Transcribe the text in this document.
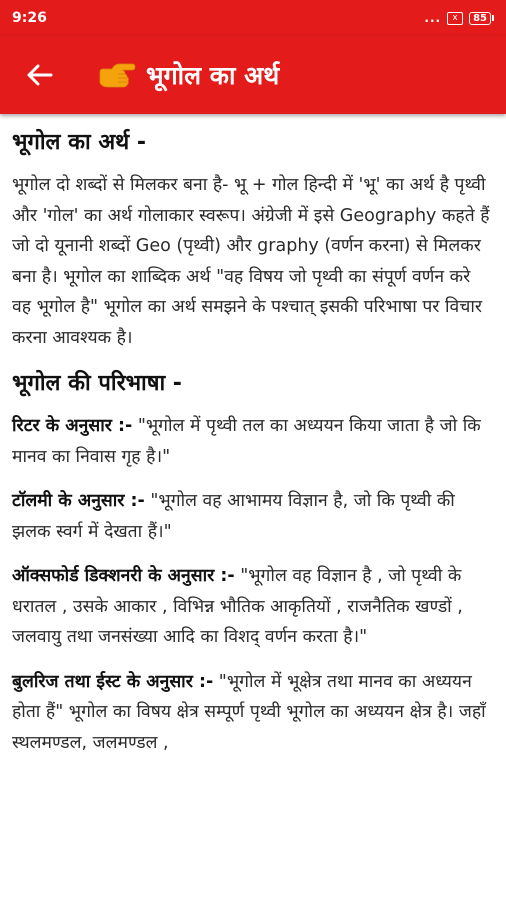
9:26	...	x	85
भूगोल का अर्थ
भूगोल का अर्थ -

भूगोल दो शब्दों से मिलकर बना है- भू + गोल हिन्दी में 'भू' का अर्थ है पृथ्वी और 'गोल' का अर्थ गोलाकार स्वरूप। अंग्रेजी में इसे Geography कहते हैं जो दो यूनानी शब्दों Geo (पृथ्वी) और graphy (वर्णन करना) से मिलकर बना है। भूगोल का शाब्दिक अर्थ "वह विषय जो पृथ्वी का संपूर्ण वर्णन करे वह भूगोल है" भूगोल का अर्थ समझने के पश्चात् इसकी परिभाषा पर विचार करना आवश्यक है।

भूगोल की परिभाषा -

रिटर के अनुसार :- "भूगोल में पृथ्वी तल का अध्ययन किया जाता है जो कि मानव का निवास गृह है।"

टॉलमी के अनुसार :- "भूगोल वह आभामय विज्ञान है, जो कि पृथ्वी की झलक स्वर्ग में देखता हैं।"

ऑक्सफोर्ड डिक्शनरी के अनुसार :- "भूगोल वह विज्ञान है , जो पृथ्वी के धरातल , उसके आकार , विभिन्न भौतिक आकृतियों , राजनैतिक खण्डों , जलवायु तथा जनसंख्या आदि का विशद् वर्णन करता है।"

बुलरिज तथा ईस्ट के अनुसार :- "भूगोल में भूक्षेत्र तथा मानव का अध्ययन होता हैं" भूगोल का विषय क्षेत्र सम्पूर्ण पृथ्वी भूगोल का अध्ययन क्षेत्र है। जहाँ स्थलमण्डल, जलमण्डल ,
